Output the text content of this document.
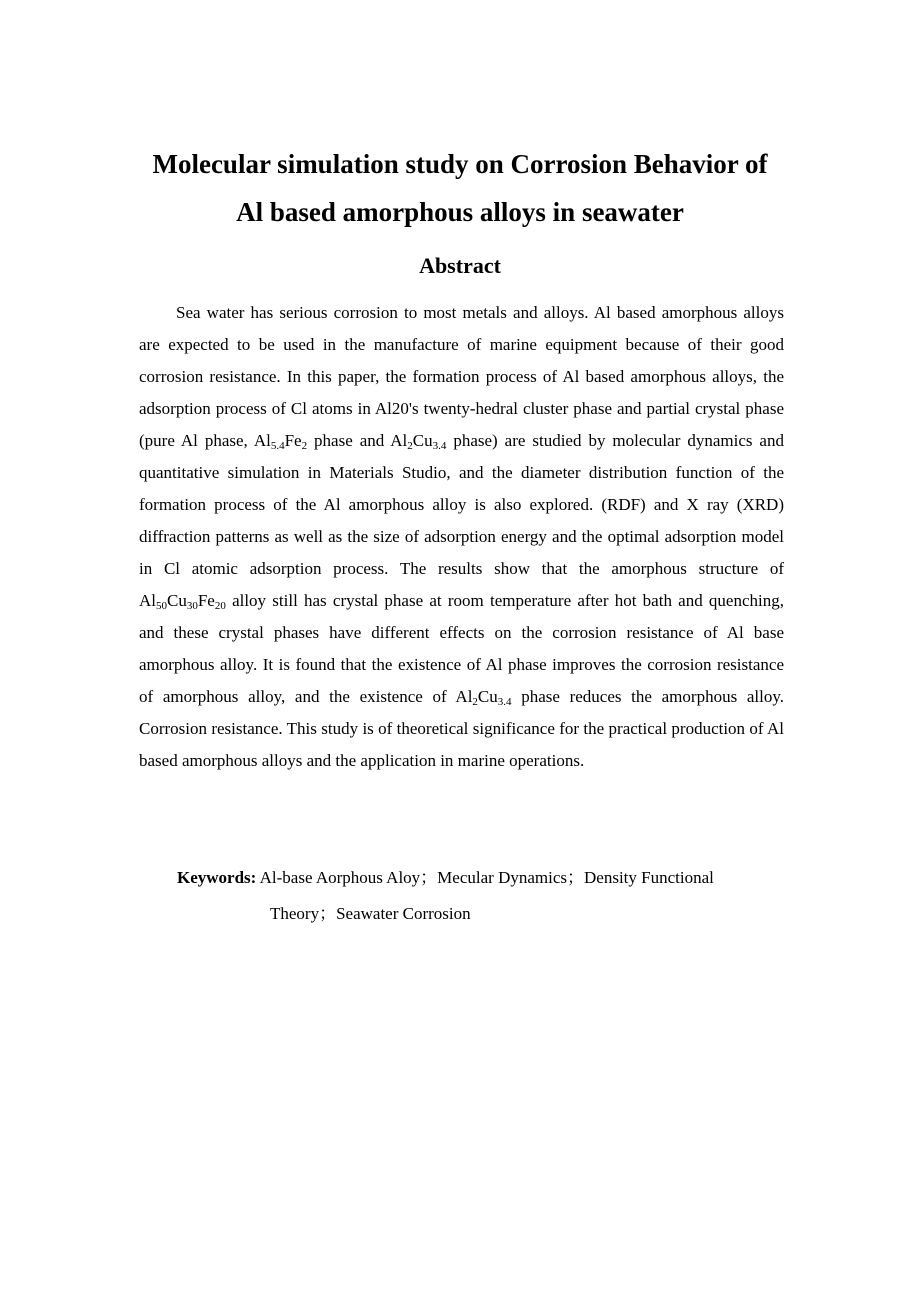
Molecular simulation study on Corrosion Behavior of
Al based amorphous alloys in seawater
Abstract

Sea water has serious corrosion to most metals and alloys. Al based amorphous alloys are expected to be used in the manufacture of marine equipment because of their good corrosion resistance. In this paper, the formation process of Al based amorphous alloys, the adsorption process of Cl atoms in Al20's twenty-hedral cluster phase and partial crystal phase (pure Al phase, $Al_{5.4}Fe_2$ phase and $Al_2Cu_{3.4}$ phase) are studied by molecular dynamics and quantitative simulation in Materials Studio, and the diameter distribution function of the formation process of the Al amorphous alloy is also explored. (RDF) and X ray (XRD) diffraction patterns as well as the size of adsorption energy and the optimal adsorption model in Cl atomic adsorption process. The results show that the amorphous structure of $Al_{50}Cu_{30}Fe_{20}$ alloy still has crystal phase at room temperature after hot bath and quenching, and these crystal phases have different effects on the corrosion resistance of Al base amorphous alloy. It is found that the existence of Al phase improves the corrosion resistance of amorphous alloy, and the existence of $Al_2Cu_{3.4}$ phase reduces the amorphous alloy. Corrosion resistance. This study is of theoretical significance for the practical production of Al based amorphous alloys and the application in marine operations.

Keywords: Al-base Aorphous Aloy；Mecular Dynamics；Density Functional
Theory；Seawater Corrosion
